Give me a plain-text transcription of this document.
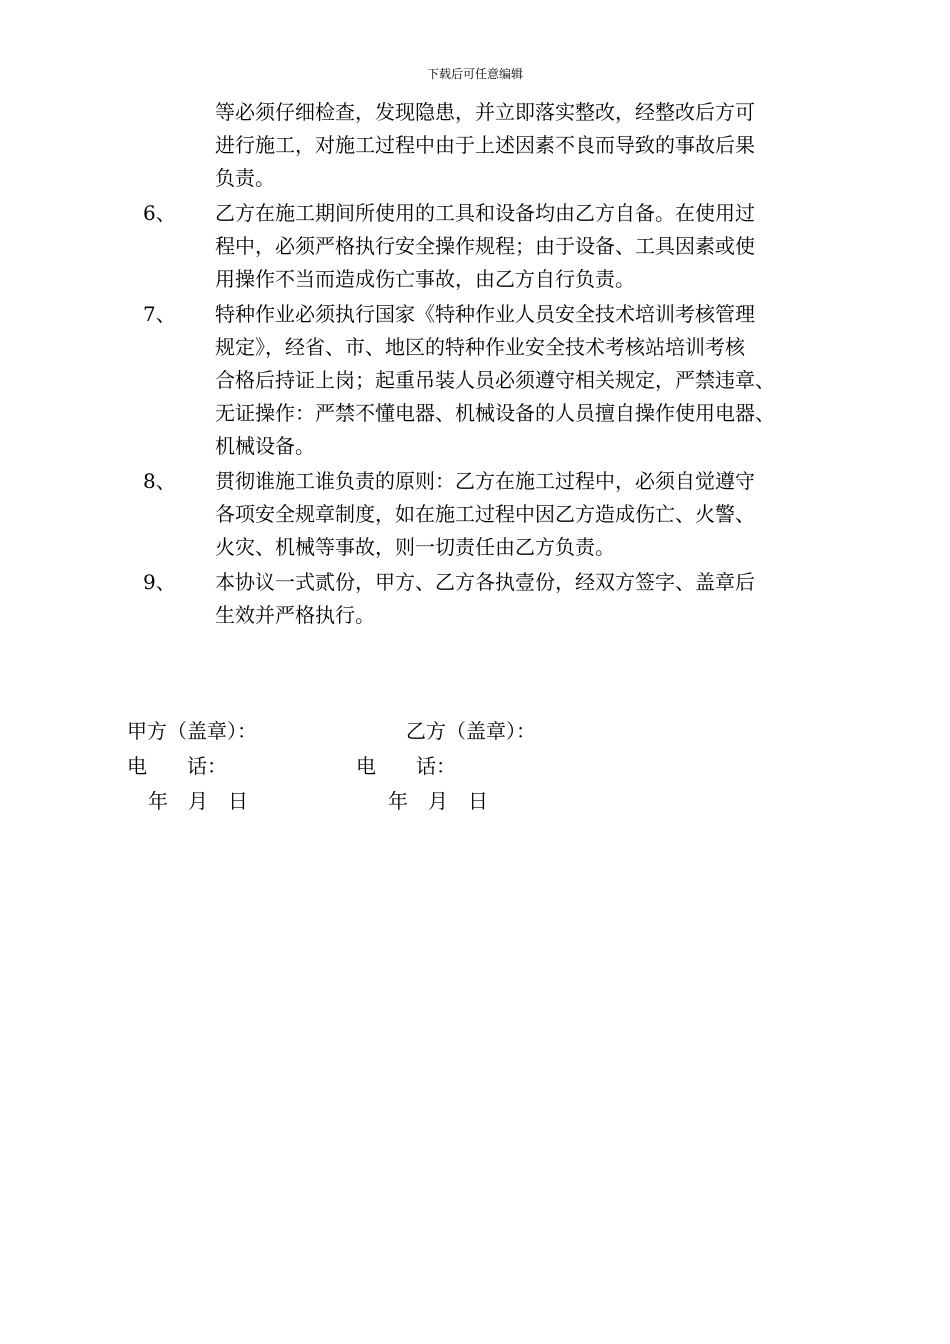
下载后可任意编辑
等必须仔细检查，发现隐患，并立即落实整改，经整改后方可
进行施工，对施工过程中由于上述因素不良而导致的事故后果
负责。
6、 乙方在施工期间所使用的工具和设备均由乙方自备。在使用过
程中，必须严格执行安全操作规程；由于设备、工具因素或使
用操作不当而造成伤亡事故，由乙方自行负责。
7、 特种作业必须执行国家《特种作业人员安全技术培训考核管理
规定》，经省、市、地区的特种作业安全技术考核站培训考核
合格后持证上岗；起重吊装人员必须遵守相关规定，严禁违章、
无证操作：严禁不懂电器、机械设备的人员擅自操作使用电器、
机械设备。
8、 贯彻谁施工谁负责的原则：乙方在施工过程中，必须自觉遵守
各项安全规章制度，如在施工过程中因乙方造成伤亡、火警、
火灾、机械等事故，则一切责任由乙方负责。
9、 本协议一式贰份，甲方、乙方各执壹份，经双方签字、盖章后
生效并严格执行。
甲方（盖章）：	乙方（盖章）：
电　　话：	电　　话：
年　月　日	年　月　日
